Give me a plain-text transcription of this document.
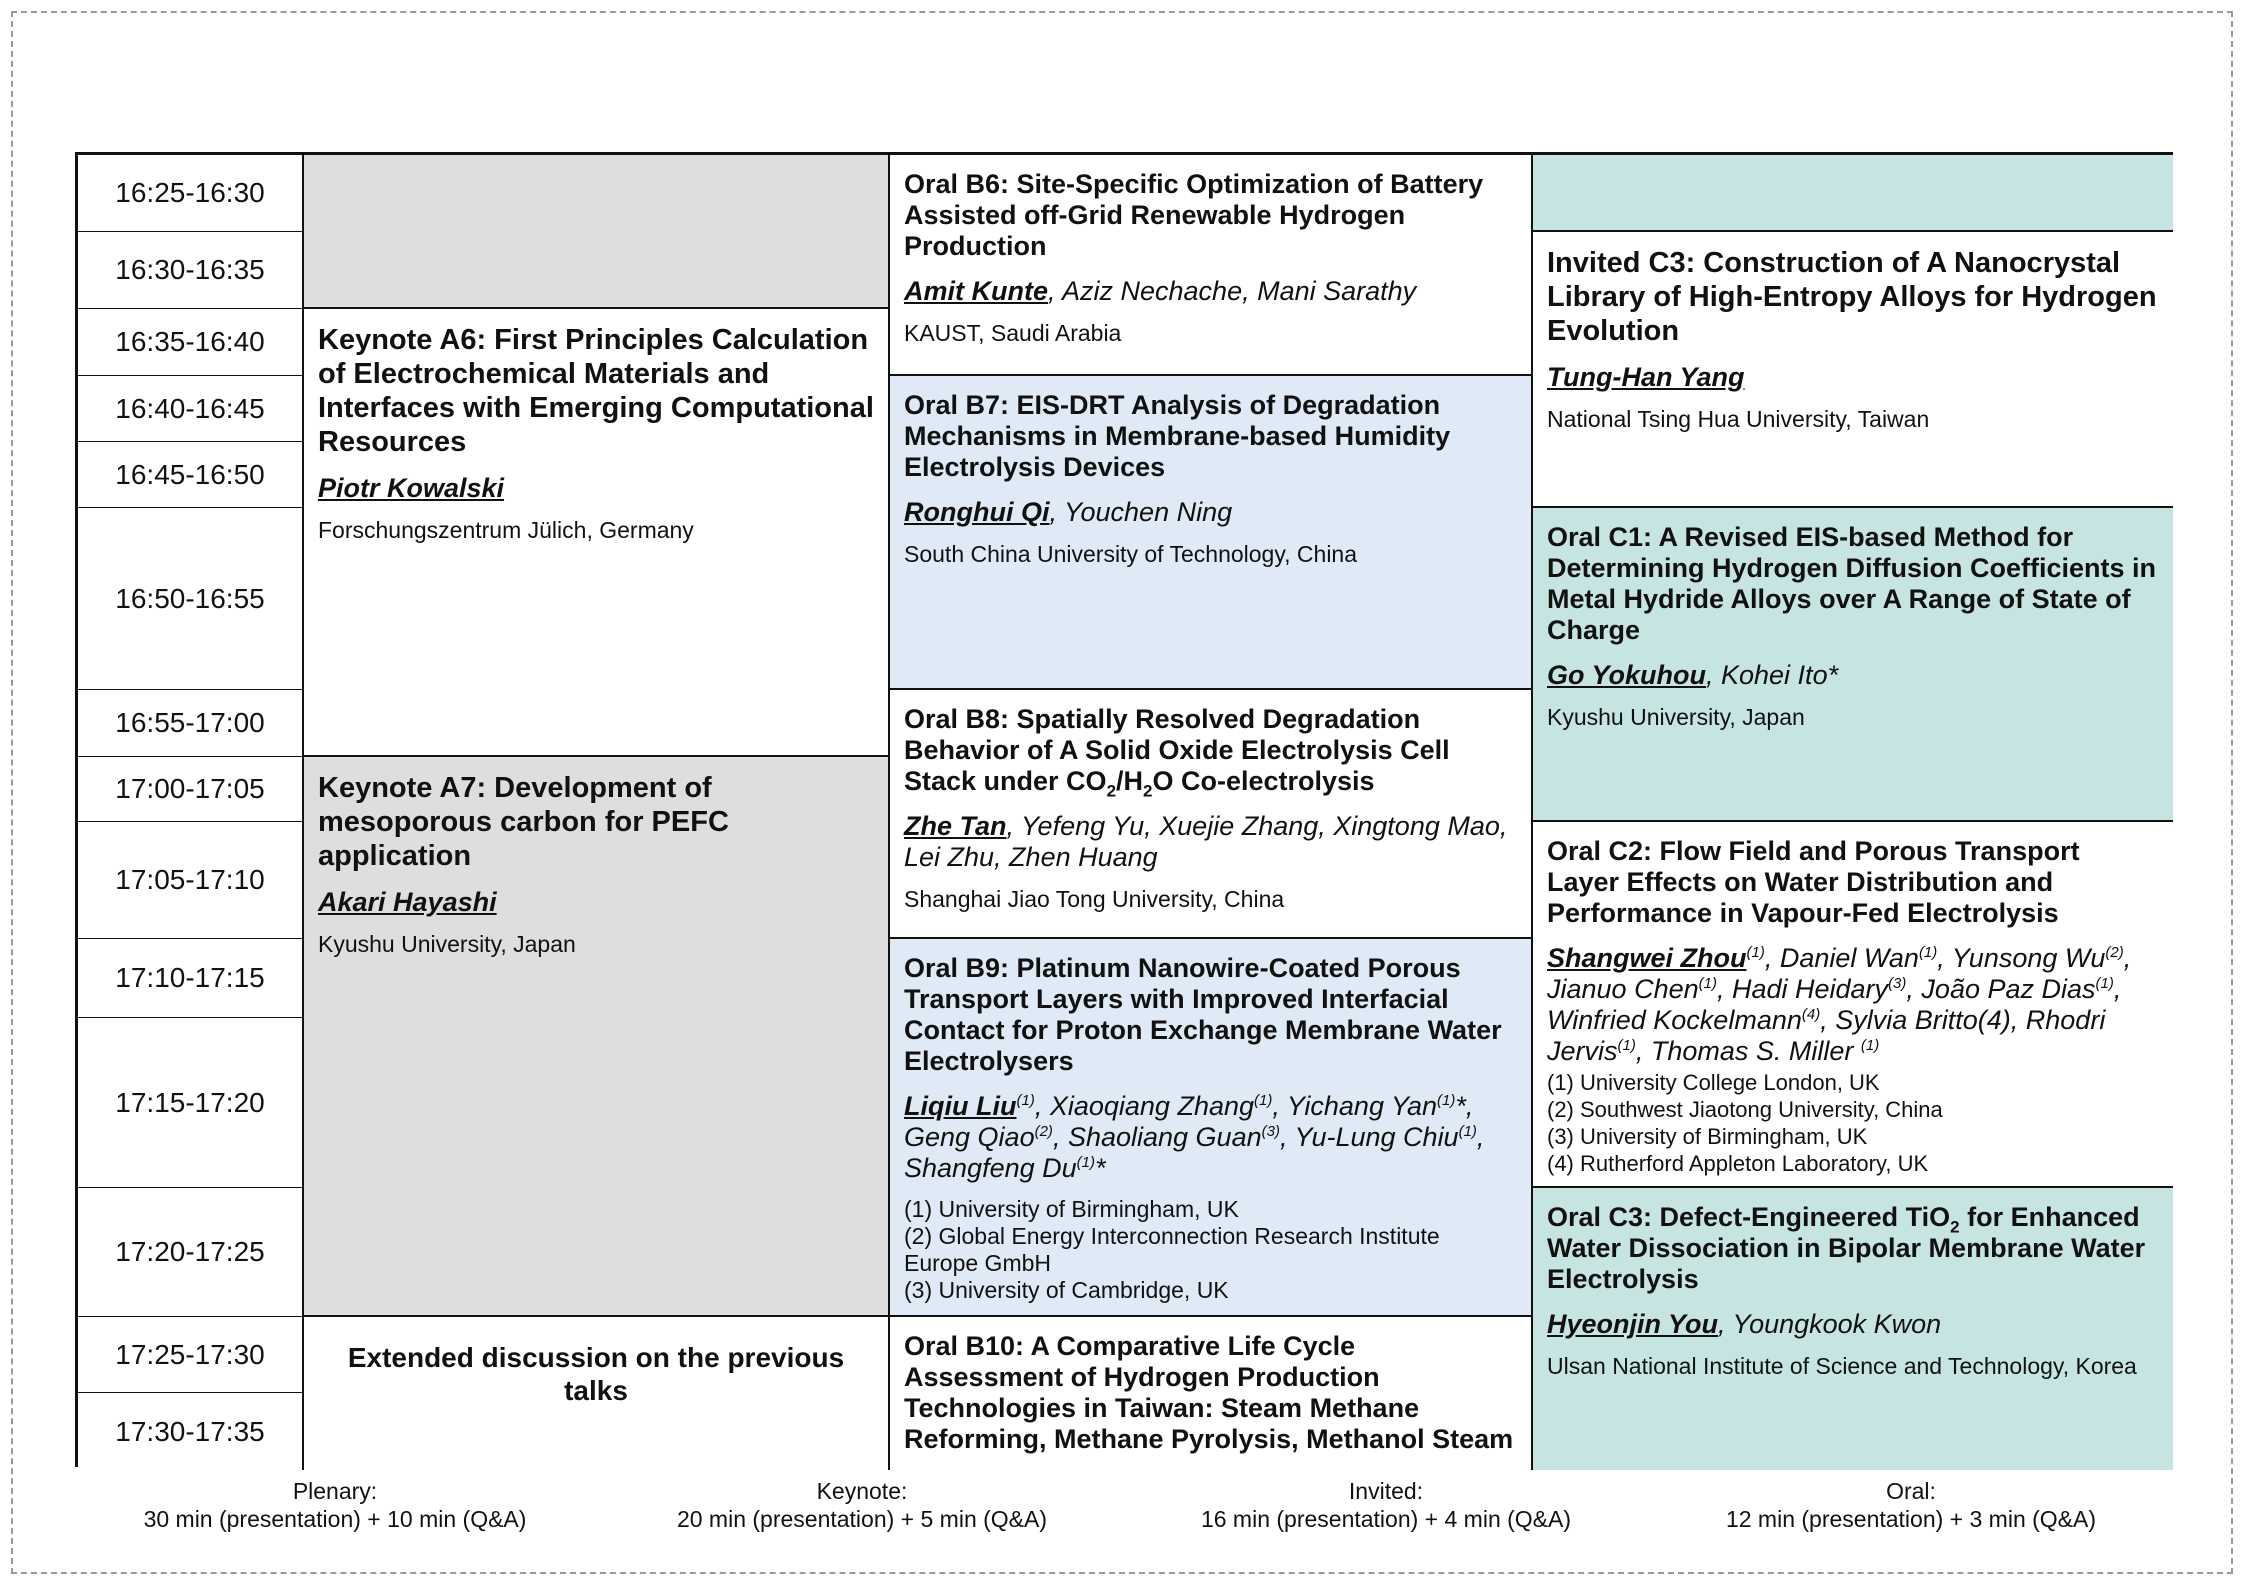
16:25-16:30
16:30-16:35
16:35-16:40
16:40-16:45
16:45-16:50
16:50-16:55
16:55-17:00
17:00-17:05
17:05-17:10
17:10-17:15
17:15-17:20
17:20-17:25
17:25-17:30
17:30-17:35
Keynote A6: First Principles Calculation of Electrochemical Materials and Interfaces with Emerging Computational Resources
Piotr Kowalski
Forschungszentrum Jülich, Germany
Keynote A7: Development of mesoporous carbon for PEFC application
Akari Hayashi
Kyushu University, Japan
Extended discussion on the previous talks
Oral B6: Site-Specific Optimization of Battery Assisted off-Grid Renewable Hydrogen Production
Amit Kunte, Aziz Nechache, Mani Sarathy
KAUST, Saudi Arabia
Oral B7: EIS-DRT Analysis of Degradation Mechanisms in Membrane-based Humidity Electrolysis Devices
Ronghui Qi, Youchen Ning
South China University of Technology, China
Oral B8: Spatially Resolved Degradation Behavior of A Solid Oxide Electrolysis Cell Stack under $CO_2/H_2O$ Co-electrolysis
Zhe Tan, Yefeng Yu, Xuejie Zhang, Xingtong Mao, Lei Zhu, Zhen Huang
Shanghai Jiao Tong University, China
Oral B9: Platinum Nanowire-Coated Porous Transport Layers with Improved Interfacial Contact for Proton Exchange Membrane Water Electrolysers
Liqiu Liu$^{(1)}$, Xiaoqiang Zhang$^{(1)}$, Yichang Yan$^{(1)}$*, Geng Qiao$^{(2)}$, Shaoliang Guan$^{(3)}$, Yu-Lung Chiu$^{(1)}$, Shangfeng Du$^{(1)}$*
(1) University of Birmingham, UK
(2) Global Energy Interconnection Research Institute Europe GmbH
(3) University of Cambridge, UK
Oral B10: A Comparative Life Cycle Assessment of Hydrogen Production Technologies in Taiwan: Steam Methane Reforming, Methane Pyrolysis, Methanol Steam
Invited C3: Construction of A Nanocrystal Library of High-Entropy Alloys for Hydrogen Evolution
Tung-Han Yang
National Tsing Hua University, Taiwan
Oral C1: A Revised EIS-based Method for Determining Hydrogen Diffusion Coefficients in Metal Hydride Alloys over A Range of State of Charge
Go Yokuhou, Kohei Ito*
Kyushu University, Japan
Oral C2: Flow Field and Porous Transport Layer Effects on Water Distribution and Performance in Vapour-Fed Electrolysis
Shangwei Zhou$^{(1)}$, Daniel Wan$^{(1)}$, Yunsong Wu$^{(2)}$, Jianuo Chen$^{(1)}$, Hadi Heidary$^{(3)}$, João Paz Dias$^{(1)}$, Winfried Kockelmann$^{(4)}$, Sylvia Britto(4), Rhodri Jervis$^{(1)}$, Thomas S. Miller $^{(1)}$
(1) University College London, UK
(2) Southwest Jiaotong University, China
(3) University of Birmingham, UK
(4) Rutherford Appleton Laboratory, UK
Oral C3: Defect-Engineered TiO$_2$ for Enhanced Water Dissociation in Bipolar Membrane Water Electrolysis
Hyeonjin You, Youngkook Kwon
Ulsan National Institute of Science and Technology, Korea
Plenary:
30 min (presentation) + 10 min (Q&A)
Keynote:
20 min (presentation) + 5 min (Q&A)
Invited:
16 min (presentation) + 4 min (Q&A)
Oral:
12 min (presentation) + 3 min (Q&A)
